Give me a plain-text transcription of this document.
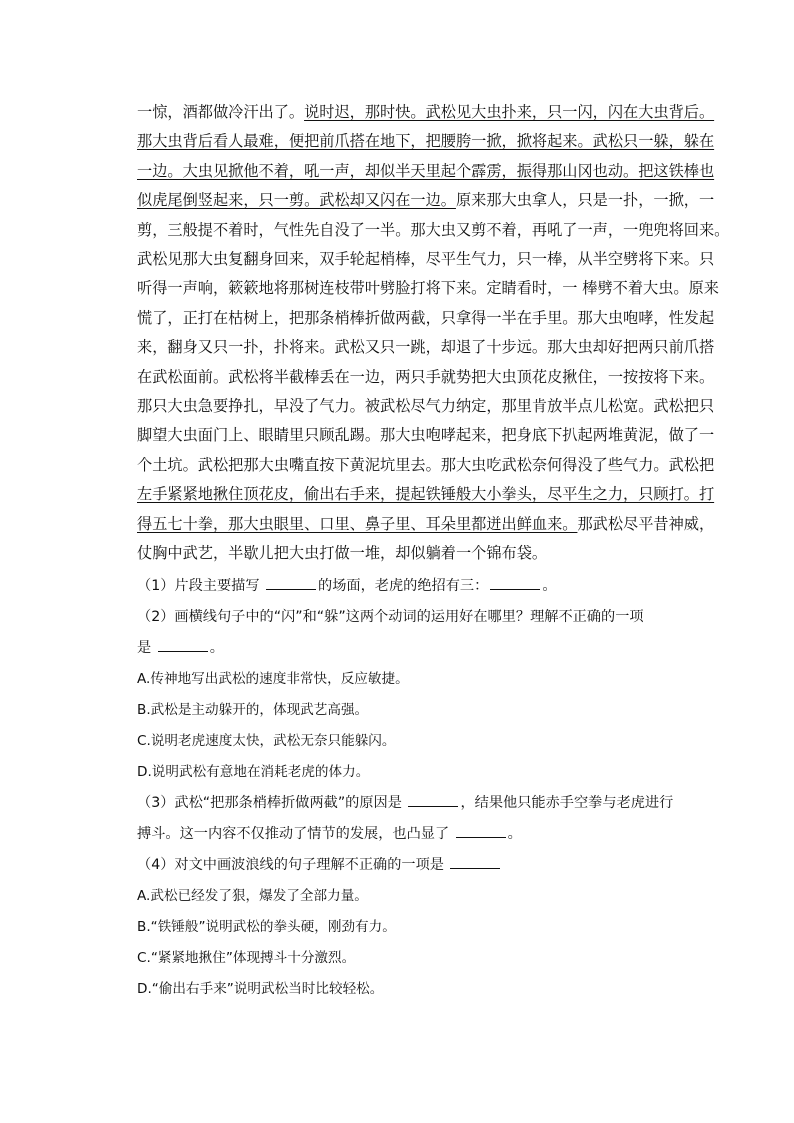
一惊，酒都做冷汗出了。说时迟，那时快。武松见大虫扑来，只一闪，闪在大虫背后。
那大虫背后看人最难，便把前爪搭在地下，把腰胯一掀，掀将起来。武松只一躲，躲在
一边。大虫见掀他不着，吼一声，却似半天里起个霹雳，振得那山冈也动。把这铁棒也
似虎尾倒竖起来，只一剪。武松却又闪在一边。原来那大虫拿人，只是一扑，一掀，一
剪，三般提不着时，气性先自没了一半。那大虫又剪不着，再吼了一声，一兜兜将回来。
武松见那大虫复翻身回来，双手轮起梢棒，尽平生气力，只一棒，从半空劈将下来。只
听得一声响，簌簌地将那树连枝带叶劈脸打将下来。定睛看时，一 棒劈不着大虫。原来
慌了，正打在枯树上，把那条梢棒折做两截，只拿得一半在手里。那大虫咆哮，性发起
来，翻身又只一扑，扑将来。武松又只一跳，却退了十步远。那大虫却好把两只前爪搭
在武松面前。武松将半截棒丢在一边，两只手就势把大虫顶花皮揪住，一按按将下来。
那只大虫急要挣扎，早没了气力。被武松尽气力纳定，那里肯放半点儿松宽。武松把只
脚望大虫面门上、眼睛里只顾乱踢。那大虫咆哮起来，把身底下扒起两堆黄泥，做了一
个土坑。武松把那大虫嘴直按下黄泥坑里去。那大虫吃武松奈何得没了些气力。武松把
左手紧紧地揪住顶花皮，偷出右手来，提起铁锤般大小拳头，尽平生之力，只顾打。打
得五七十拳，那大虫眼里、口里、鼻子里、耳朵里都迸出鲜血来。那武松尽平昔神威，
仗胸中武艺，半歇儿把大虫打做一堆，却似躺着一个锦布袋。
（1）片段主要描写	的场面，老虎的绝招有三：	。
（2）画横线句子中的“闪”和“躲”这两个动词的运用好在哪里？理解不正确的一项
是	。
A.传神地写出武松的速度非常快，反应敏捷。
B.武松是主动躲开的，体现武艺高强。
C.说明老虎速度太快，武松无奈只能躲闪。
D.说明武松有意地在消耗老虎的体力。
（3）武松“把那条梢棒折做两截”的原因是	，结果他只能赤手空拳与老虎进行
搏斗。这一内容不仅推动了情节的发展，也凸显了	。
（4）对文中画波浪线的句子理解不正确的一项是
A.武松已经发了狠，爆发了全部力量。
B.“铁锤般”说明武松的拳头硬，刚劲有力。
C.“紧紧地揪住”体现搏斗十分激烈。
D.“偷出右手来”说明武松当时比较轻松。
